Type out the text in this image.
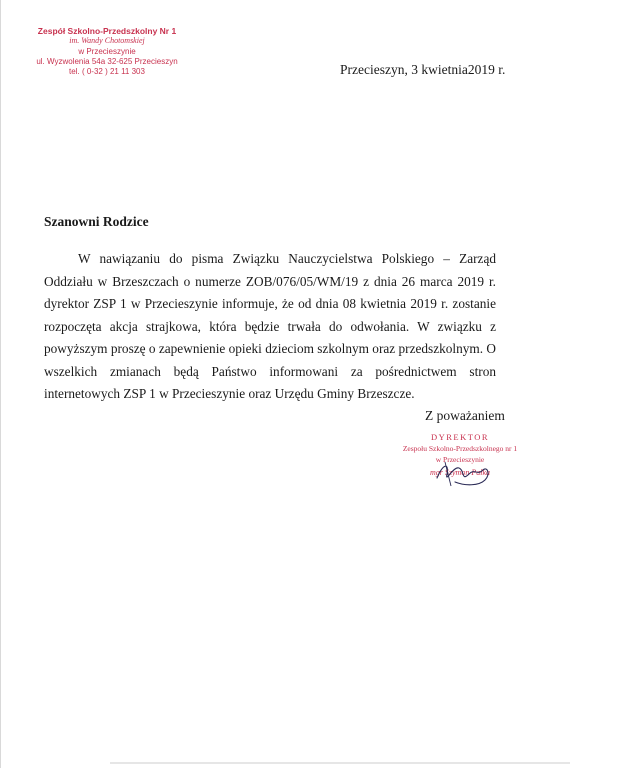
Zespół Szkolno-Przedszkolny Nr 1
im. Wandy Chotomskiej
w Przecieszynie
ul. Wyzwolenia 54a 32-625 Przecieszyn
tel. ( 0-32 ) 21 11 303	Przecieszyn, 3 kwietnia2019 r.
Szanowni Rodzice
W nawiązaniu do pisma Związku Nauczycielstwa Polskiego – Zarząd Oddziału w Brzeszczach o numerze ZOB/076/05/WM/19 z dnia 26 marca 2019 r. dyrektor ZSP 1 w Przecieszynie informuje, że od dnia 08 kwietnia 2019 r. zostanie rozpoczęta akcja strajkowa, która będzie trwała do odwołania. W związku z powyższym proszę o zapewnienie opieki dzieciom szkolnym oraz przedszkolnym. O wszelkich zmianach będą Państwo informowani za pośrednictwem stron internetowych ZSP 1 w Przecieszynie oraz Urzędu Gminy Brzeszcze.
Z poważaniem
DYREKTOR
Zespołu Szkolno-Przedszkolnego nr 1
w Przecieszynie
mgr Szymon Pałka
